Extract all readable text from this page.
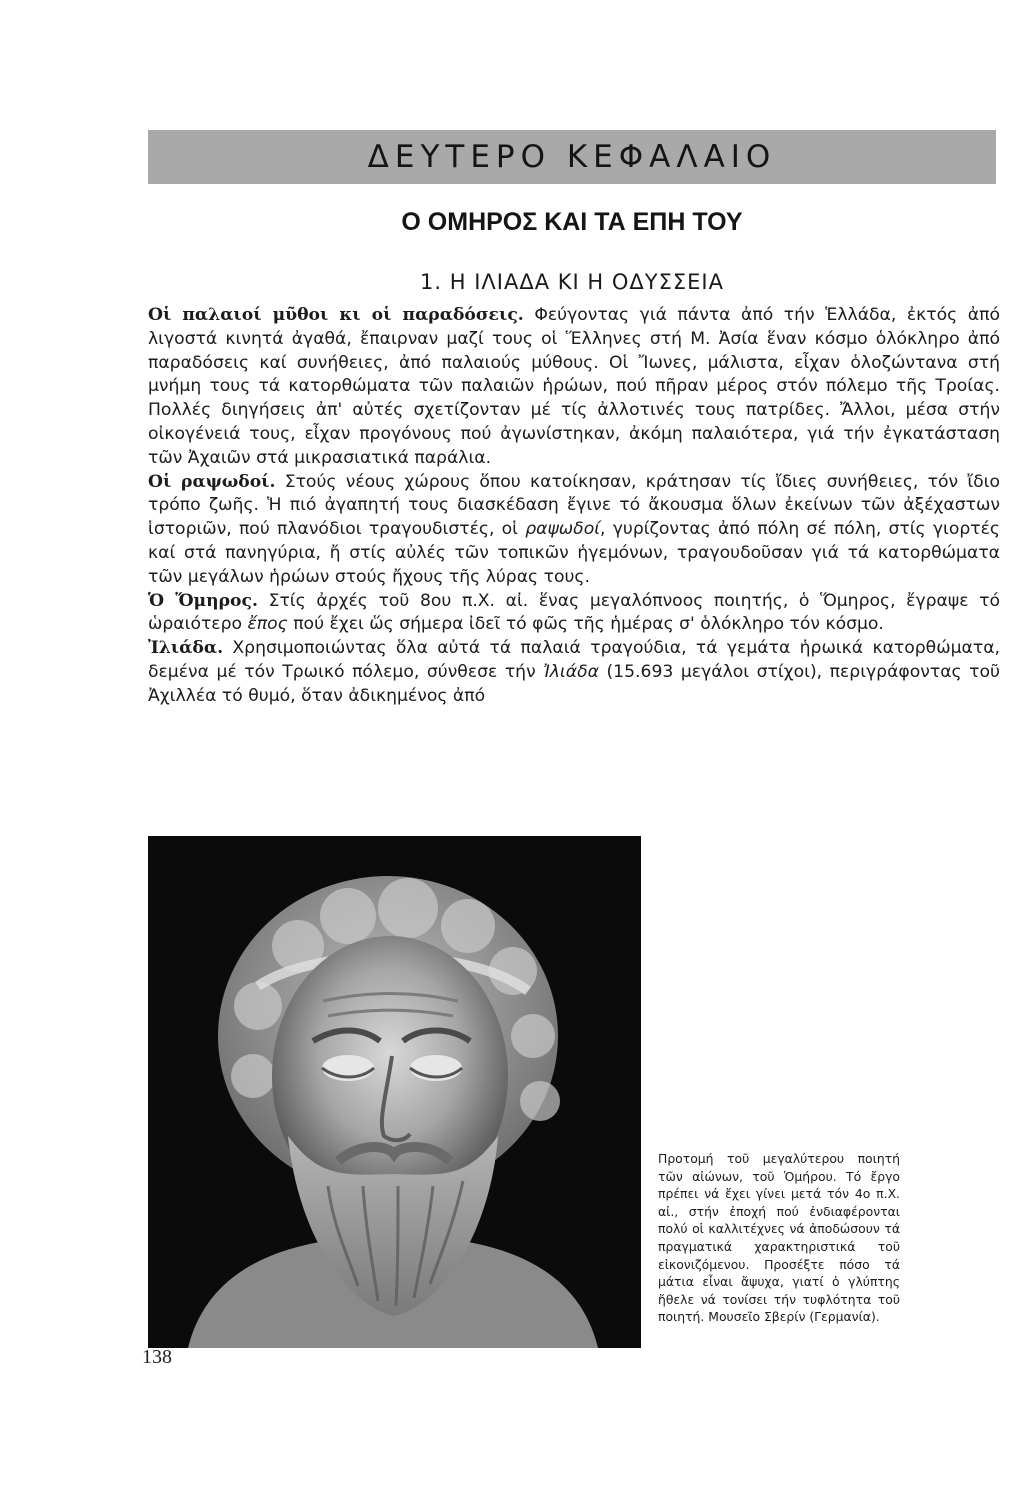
ΔΕΥΤΕΡΟ ΚΕΦΑΛΑΙΟ
Ο ΟΜΗΡΟΣ ΚΑΙ ΤΑ ΕΠΗ ΤΟΥ
1. Η ΙΛΙΑΔΑ ΚΙ Η ΟΔΥΣΣΕΙΑ

Οἱ παλαιοί μῦθοι κι οἱ παραδόσεις. Φεύγοντας γιά πάντα ἀπό τήν Ἑλλάδα, ἐκτός ἀπό λιγοστά κινητά ἀγαθά, ἔπαιρναν μαζί τους οἱ Ἕλληνες στή Μ. Ἀσία ἕναν κόσμο ὁλόκληρο ἀπό παραδόσεις καί συνήθειες, ἀπό παλαιούς μύθους. Οἱ Ἴωνες, μάλιστα, εἶχαν ὁλοζώντανα στή μνήμη τους τά κατορθώματα τῶν παλαιῶν ἡρώων, πού πῆραν μέρος στόν πόλεμο τῆς Τροίας. Πολλές διηγήσεις ἀπ' αὐτές σχετίζονταν μέ τίς ἀλλοτινές τους πατρίδες. Ἄλλοι, μέσα στήν οἰκογένειά τους, εἶχαν προγόνους πού ἀγωνίστηκαν, ἀκόμη παλαιότερα, γιά τήν ἐγκατάσταση τῶν Ἀχαιῶν στά μικρασιατικά παράλια.

Οἱ ραψωδοί. Στούς νέους χώρους ὅπου κατοίκησαν, κράτησαν τίς ἴδιες συνήθειες, τόν ἴδιο τρόπο ζωῆς. Ἡ πιό ἀγαπητή τους διασκέδαση ἔγινε τό ἄκουσμα ὅλων ἐκείνων τῶν ἀξέχαστων ἱστοριῶν, πού πλανόδιοι τραγουδιστές, οἱ ραψωδοί, γυρίζοντας ἀπό πόλη σέ πόλη, στίς γιορτές καί στά πανηγύρια, ἤ στίς αὐλές τῶν τοπικῶν ἡγεμόνων, τραγουδοῦσαν γιά τά κατορθώματα τῶν μεγάλων ἡρώων στούς ἤχους τῆς λύρας τους.

Ὁ Ὅμηρος. Στίς ἀρχές τοῦ 8ου π.Χ. αἰ. ἕνας μεγαλόπνοος ποιητής, ὁ Ὅμηρος, ἔγραψε τό ὡραιότερο ἔπος πού ἔχει ὥς σήμερα ἰδεῖ τό φῶς τῆς ἡμέρας σ' ὁλόκληρο τόν κόσμο.

Ἰλιάδα. Χρησιμοποιώντας ὅλα αὐτά τά παλαιά τραγούδια, τά γεμάτα ἡρωικά κατορθώματα, δεμένα μέ τόν Τρωικό πόλεμο, σύνθεσε τήν Ἰλιάδα (15.693 μεγάλοι στίχοι), περιγράφοντας τοῦ Ἀχιλλέα τό θυμό, ὅταν ἀδικημένος ἀπό

Προτομή τοῦ μεγαλύτερου ποιητή τῶν αἰώνων, τοῦ Ὁμήρου. Τό ἔργο πρέπει νά ἔχει γίνει μετά τόν 4ο π.Χ. αἰ., στήν ἐποχή πού ἐνδιαφέρονται πολύ οἱ καλλιτέχνες νά ἀποδώσουν τά πραγματικά χαρακτηριστικά τοῦ εἰκονιζόμενου. Προσέξτε πόσο τά μάτια εἶναι ἄψυχα, γιατί ὁ γλύπτης ἤθελε νά τονίσει τήν τυφλότητα τοῦ ποιητή. Μουσεῖο Σβερίν (Γερμανία).
138
